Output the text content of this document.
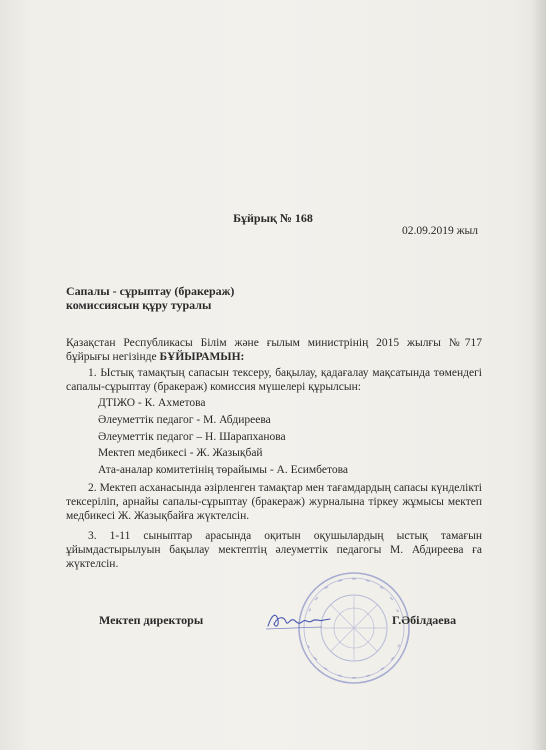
Бұйрық № 168
02.09.2019 жыл
Сапалы - сұрыптау (бракераж)
комиссиясын құру туралы
Қазақстан Республикасы Білім және ғылым министрінің 2015 жылғы №717 бұйрығы негізінде БҰЙЫРАМЫН:
1. Ыстық тамақтың сапасын тексеру, бақылау, қадағалау мақсатында төмендегі сапалы-сұрыптау (бракераж) комиссия мүшелері құрылсын:
ДТІЖО - К. Ахметова
Әлеуметтік педагог - М. Абдиреева
Әлеуметтік педагог – Н. Шарапханова
Мектеп медбикесі - Ж. Жазықбай
Ата-аналар комитетінің төрайымы - А. Есимбетова
2. Мектеп асханасында әзірленген тамақтар мен тағамдардың сапасы күнделікті тексеріліп, арнайы сапалы-сұрыптау (бракераж) журналына тіркеу жұмысы мектеп медбикесі Ж. Жазықбайға жүктелсін.
3. 1-11 сыныптар арасында оқитын оқушылардың ыстық тамағын ұйымдастырылуын бақылау мектептің әлеуметтік педагогы М. Абдиреева ға жүктелсін.
Мектеп директоры	Г.Әбілдаева
